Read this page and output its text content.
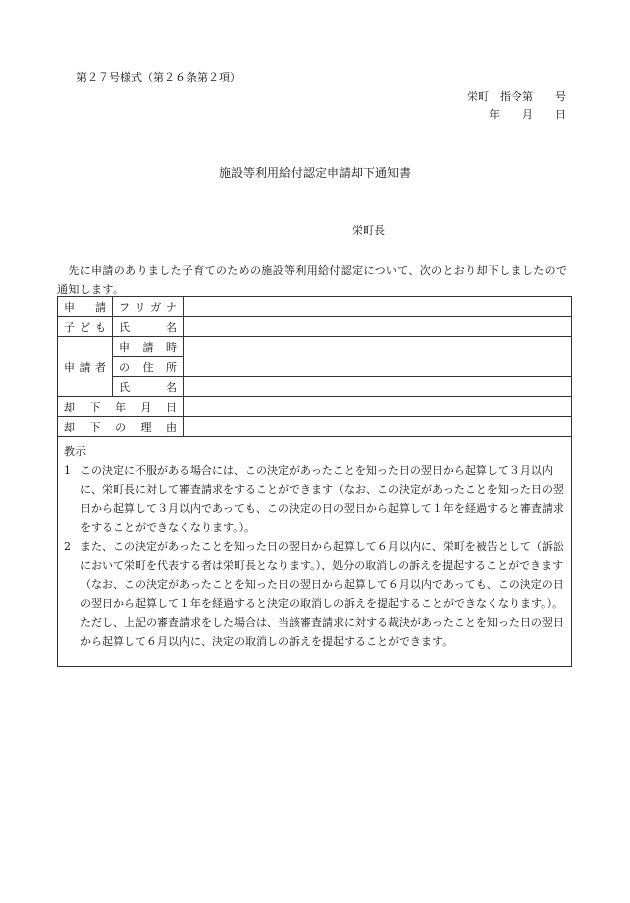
第２７号様式（第２６条第２項）
栄町　指令第　　号
年　　月　　日
施設等利用給付認定申請却下通知書
栄町長
　先に申請のありました子育てのための施設等利用給付認定について、次のとおり却下しましたので通知します。
申　請	フリガナ	
子ども	氏名	
申請者	申請時	
	の住所	
	氏名	
却下年月日		
却下の理由		
教示
1 この決定に不服がある場合には、この決定があったことを知った日の翌日から起算して３月以内に、栄町長に対して審査請求をすることができます（なお、この決定があったことを知った日の翌日から起算して３月以内であっても、この決定の日の翌日から起算して１年を経過すると審査請求をすることができなくなります。）。
2 また、この決定があったことを知った日の翌日から起算して６月以内に、栄町を被告として（訴訟において栄町を代表する者は栄町長となります。）、処分の取消しの訴えを提起することができます（なお、この決定があったことを知った日の翌日から起算して６月以内であっても、この決定の日の翌日から起算して１年を経過すると決定の取消しの訴えを提起することができなくなります。）。ただし、上記の審査請求をした場合は、当該審査請求に対する裁決があったことを知った日の翌日から起算して６月以内に、決定の取消しの訴えを提起することができます。
